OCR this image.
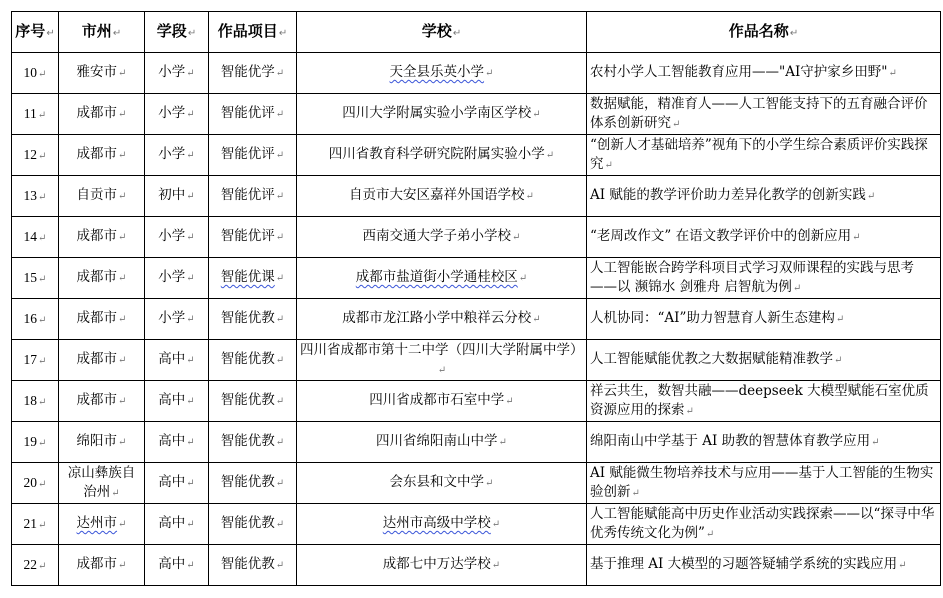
序号↵	市州↵	学段↵	作品项目↵	学校↵	作品名称↵
10↵	雅安市↵	小学↵	智能优学↵	天全县乐英小学↵	农村小学人工智能教育应用——"AI守护家乡田野"↵
11↵	成都市↵	小学↵	智能优评↵	四川大学附属实验小学南区学校↵	数据赋能，精准育人——人工智能支持下的五育融合评价体系创新研究↵
12↵	成都市↵	小学↵	智能优评↵	四川省教育科学研究院附属实验小学↵	“创新人才基础培养”视角下的小学生综合素质评价实践探究↵
13↵	自贡市↵	初中↵	智能优评↵	自贡市大安区嘉祥外国语学校↵	AI 赋能的教学评价助力差异化教学的创新实践↵
14↵	成都市↵	小学↵	智能优评↵	西南交通大学子弟小学校↵	“老周改作文” 在语文教学评价中的创新应用↵
15↵	成都市↵	小学↵	智能优课↵	成都市盐道街小学通桂校区↵	人工智能嵌合跨学科项目式学习双师课程的实践与思考——以 濒锦水 剑雅舟 启智航为例↵
16↵	成都市↵	小学↵	智能优教↵	成都市龙江路小学中粮祥云分校↵	人机协同：“AI”助力智慧育人新生态建构↵
17↵	成都市↵	高中↵	智能优教↵	四川省成都市第十二中学（四川大学附属中学）↵	人工智能赋能优教之大数据赋能精准教学↵
18↵	成都市↵	高中↵	智能优教↵	四川省成都市石室中学↵	祥云共生，数智共融——deepseek 大模型赋能石室优质资源应用的探索↵
19↵	绵阳市↵	高中↵	智能优教↵	四川省绵阳南山中学↵	绵阳南山中学基于 AI 助教的智慧体育教学应用↵
20↵	凉山彝族自治州↵	高中↵	智能优教↵	会东县和文中学↵	AI 赋能微生物培养技术与应用——基于人工智能的生物实验创新↵
21↵	达州市↵	高中↵	智能优教↵	达州市高级中学校↵	人工智能赋能高中历史作业活动实践探索——以“探寻中华优秀传统文化为例”↵
22↵	成都市↵	高中↵	智能优教↵	成都七中万达学校↵	基于推理 AI 大模型的习题答疑辅学系统的实践应用↵
